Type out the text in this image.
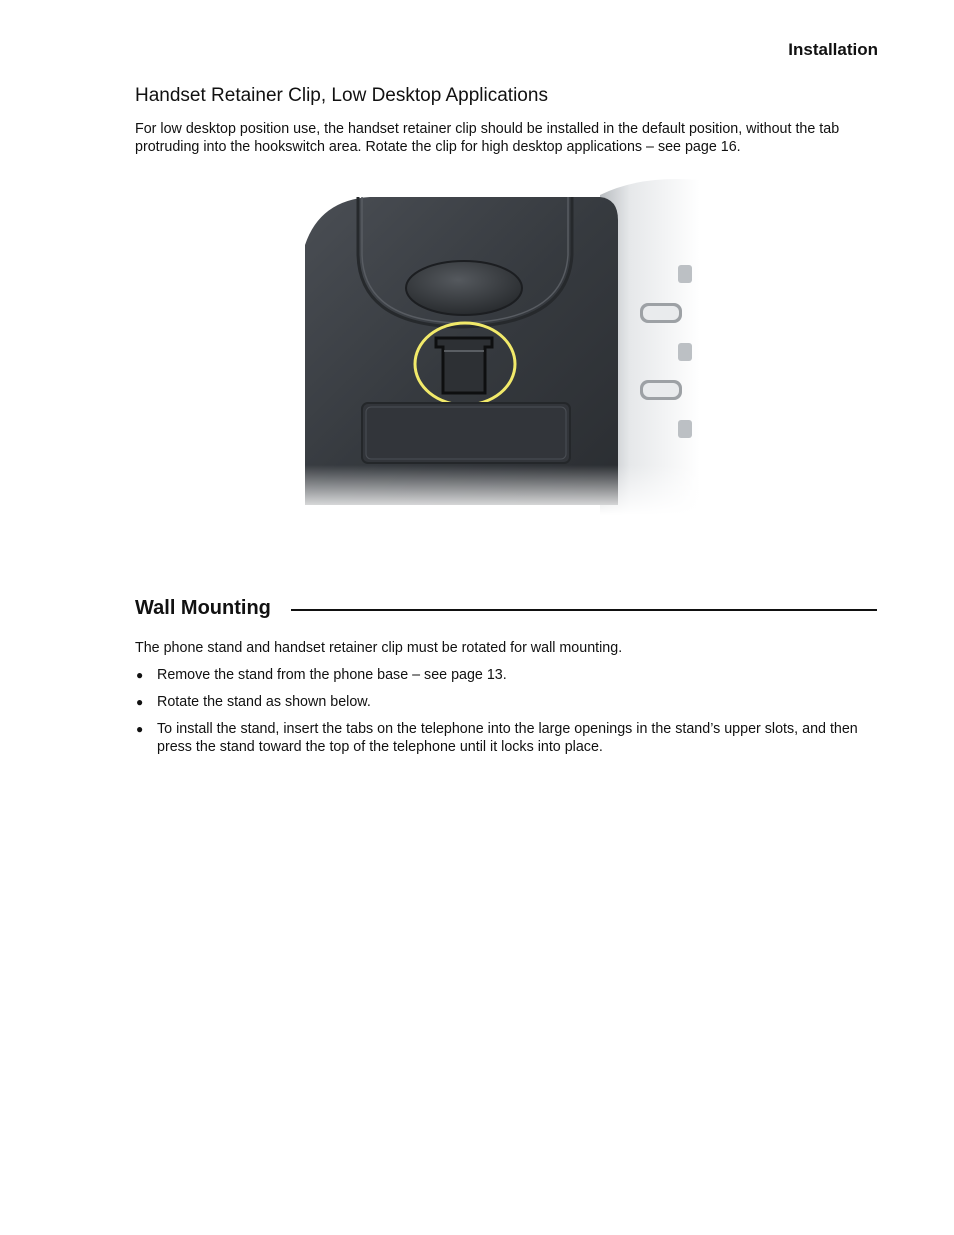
Installation
Handset Retainer Clip, Low Desktop Applications

For low desktop position use, the handset retainer clip should be installed in the default position, without the tab protruding into the hookswitch area. Rotate the clip for high desktop applications – see page 16.

Wall Mounting

The phone stand and handset retainer clip must be rotated for wall mounting.

● Remove the stand from the phone base – see page 13.
● Rotate the stand as shown below.
● To install the stand, insert the tabs on the telephone into the large openings in the stand’s upper slots, and then press the stand toward the top of the telephone until it locks into place.
